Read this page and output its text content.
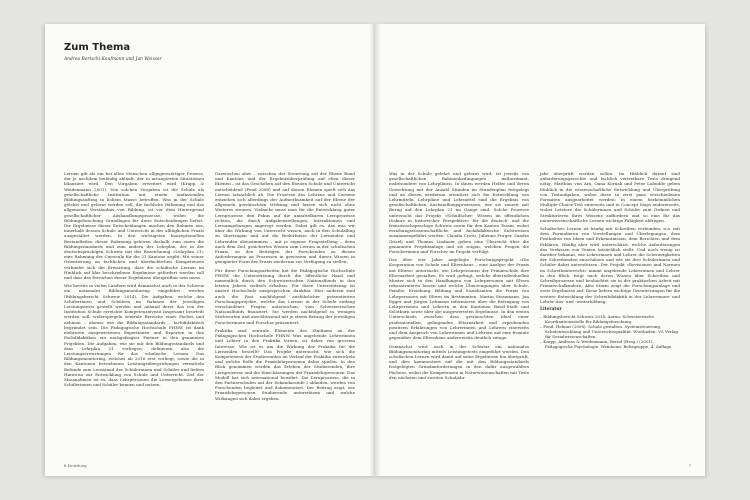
Zum Thema
Andrea Bertschi-Kaufmann und Jan Weisser

Lernen gilt als ein bei allen Menschen allgegenwärtiger Prozess, der je nachdem beiläufig abläuft, der in arrangierten Situationen bilanziert wird. Den Vorgaben erweitert wird (Krapp & Weidenmann 2001). Von solchen Vorgaben ist die Schule als gesellschaftliche Institution mit einem umfassenden Bildungsauftrag in hohem Masse betroffen. Was in der Schule gelehrt und gelernt werden soll, die fachliche Rahmung und das allgemeine Verständnis von Bildung, ist vor dem Hintergrund gesellschaftlicher Aushandlungsprozesse, wobei die Bildungsforschung Grundlagen für diese Entscheidungen liefert. Die Ergebnisse dieser Entscheidungen machen den Rahmen aus, innerhalb dessen Schule und Unterricht in der alltäglichen Praxis ausgestaltet werden. In den wichtigsten konzeptionellen Bestandteilen dieser Rahmung gehören deshalb zum einen die Bildungsstandards und zum andern der Lehrplan, der in der deutschsprachigen Schweiz mit der Bezeichnung «Lehrplan 21» eine Rahmung der Curricula für die 21 Kantone ergibt. Mit seiner Orientierung an fachlichen und überfachlichen Kompetenzen verbindet sich die Erwartung, dass die schulische Lernen im Hinblick auf klar beschriebene Ergebnisse gefördert werden soll und dass das Erreichen dieser Ergebnisse überprüfbar sein muss.

Wie bereits in vielen Ländern wird demnächst auch in der Schweiz ein nationales Bildungsmonitoring eingeführt werden (Bildungsbericht Schweiz 2014). Die Aufgaben, welche den Schülerinnen und Schülern im Rahmen der jeweiligen Leistungstests gestellt werden und anhand derer das von der Institution Schule erreichte Kompetenzniveau insgesamt beurteilt werden soll, widerspiegeln zentrale Bereiche eines Faches und nehmen – ebenso wie die Bildungsstandards – fachdidaktisch begründet sein. Die Pädagogische Hochschule FHNW ist dank mehreren ausgewiesenen Expertinnen und Experten in den Fachdidaktiken ein nachgefragter Partner in den genannten Projekten. Die Aufgaben, wie sie mit den Bildungsstandards und dem Lehrplan 21 vorliegen, definieren also die Leistungserwartungen für das schulische Lernen. Das Bildungsmonitoring, welches ab 2016 erst vorliegt, sowie die in den Kantonen betriebenen Leistungsüberprüfungen vermitteln Befunde zum Lernstand der Schülerinnen und Schüler und liefern Hinweise zur Entwicklung von Schule und Unterricht. Ziel der Massnahmen ist es, dass Lehrpersonen die Lernergebnisse ihrer Schülerinnen und Schüler kennen und nutzen.

Dazwischen aber – zwischen der Steuerung auf der Ebene Bund und Kantone und der Ergebnisüberprüfung auf eben dieser Ebenen – ist das Geschehen auf den Ebenen Schule und Unterricht entscheidend (Fend 2008) und auf diesen Ebenen spielt sich das Lernen tatsächlich ab. Die Prozesse des Lehrens und Lernens entziehen sich allerdings der Aufmerksamkeit auf der Ebene der allgemein gewünschten Wirkung und lassen sich nicht ohne Weiteres steuern. Vielmehr muss man für die Entwicklung guter Lernprozesse den Fokus auf die unmittelbaren Lernprozesse richten, die durch Aufgabenstellungen, Interaktionen und Lernumgebungen angeregt werden. Dabei gilt es, das was wir über die Wirkung von Unterricht wissen, auch in den Schulalltag zu übertragen und auf die Bedürfnisse der Lernenden und Lehrenden abzustimmen – mit je eigener Fragestellung – denn auch dem Ziel, gesichertes Wissen zum Lernen in der schulischen Praxis, zu den Beiträgen der Forschenden zu diesen Anforderungen an Prozessen in gewissem und dieser Wissen in geeigneter Form der Praxis wiederum zur Verfügung zu stellen.

Für diese Forschungsarbeiten hat die Pädagogische Hochschule FHNW die Unterstützung durch die öffentliche Hand und namentlich durch den Schweizerischen Nationalfonds in den letzten Jahren vielfach erhalten. Für diese Unterstützung ist unsere Hochschule ausgesprochen dankbar. Hier anderen sind auch die Fast nachfolgend ausführlicher präsentierten Forschungsprojekte, welche das Lernen in der Schule entlang verschiedener Fragen untersuchen, vom Schweizerischen Nationalfonds finanziert. Sie werden nachfolgend in wenigen Stichworten und anschliessend mit je einem Beitrag der jeweiligen Forscherinnen und Forscher präsentiert.

Praktika sind zentrale Elemente des Studiums an der Pädagogischen Hochschule FHNW. Was angehende Lehrerinnen und Lehrer in den Praktika lernen, ist daher von grossem Interesse. Wie ist es um die Wirkung der Praktika für die Lernenden bestellt? Das Projekt untersucht, wie sich die Kompetenzen der Studierenden im Verlauf der Praktika entwickeln und welche Rolle die Praxislehrpersonen dabei spielen. In den Blick genommen werden das Erleben der Studierenden, ihre Lernprozesse und die Einschätzungen der Praxislehrpersonen. Das Modell hat sich international bewährt. Die Lernprozesse, die in den Partnerschulen auf der Sekundarstufe I ablaufen, werden von Forschenden begleitet und dokumentiert. Der Beitrag zeigt, wie Praxislehrpersonen Studierende unterstützen und welche Wirkungen sich dabei ergeben.

6 Einleitung

Was in der Schule gelehrt und gelernt wird, ist jeweils von gesellschaftlichen Rahmenbedingungen mitbestimmt, insbesondere von Lehrplänen. In ihnen werden Helfer und deren Gewichtung mit der Anzahl Stunden im Stundenplan festgelegt und an diesen wiederum orientiert sich die Entwicklung von Lehrmitteln. Lehrpläne und Lehrmittel sind die Ergebnis von gesellschaftlichen Aushandlungsprozessen, wie sie zurzeit mit Bezug auf den Lehrplan 21 im Gange sind. Solche Prozesse untersucht das Projekt «Schulfächer: Wissen im öffentlichen Diskurs in historischer Perspektive» für die deutsch- und die französischsprachige Schweiz sowie für den Kanton Tessin, wobei erziehungswissenschaftliche und fachdidaktische Sichtweisen zusammengeführt werden. Claudia Crotti, Julienne Furger, Sandra Grizelj und Thomas Lindauer geben eine Übersicht über die genannten Projektanlage und sie zeigen, welchen Fragen die Forscherinnen und Forscher im Projekt verfolgt.

Das über vier Jahre angelegte Forschungsprojekt «Die Kooperation von Schule und Elternhaus – eine Analyse der Praxis mit Eltern» untersucht, wie Lehrpersonen der Primarschule ihre Elternarbeit gestalten. Es wird gefragt, welche überindividuellen Muster sich in den Handlungen von Lehrpersonen mit Eltern rekonstruieren lassen und welche Überzeugungen über Schule, Familie, Erziehung, Bildung und Sozialisation die Praxis von Lehrpersonen mit Eltern im Bestimmten. Martin Straumann, Jan Egger und Jürgen Lehmann informieren über die Befragung von Lehrpersonen und Lehrern in den Kantonen Basel-Stadt und Solothurn sowie über die ausgewerteten Ergebnisse. In den ersten Unterschieds zwischen dem gewünschten Ideal einer professionellen, gelingenden Elternarbeit und erprobenden positiven Erfahrungen von Lehrerinnen und Lehrern einerseits und dem Anspruch von Lehrerinnen und Lehrern auf eine frontale gegenüber dem Elternhaus andererseits deutlich zutage.

Demnächst wird auch in der Schweiz ein nationales Bildungsmonitoring mittels Leistungstests eingeführt werden. Den schulischen Lernen wird damit auf seine Ergebnisse hin überprüft, und dies kommentiert auf die mit den Bildungsstandards festgelegten Grundanforderungen in den dafür ausgewählten Fächern, wobei die Kompetenzen in Naturwissenschaften mit Tests den nächsten und zweiten Schuljahr

jahr überprüft werden sollen. Im Hinblick darauf sind anforderungsgerechte und fachlich vertretbare Tests dringend nötig. Matthias von Arx, Oana Kornak und Peter Labudde geben Einblick in die wissenschaftliche Entwicklung und Überprüfung von Testaufgaben, wobei diese in zwei ganz verschiedenen Formaten ausgearbeitet werden: in einem herkömmlichen Multiple-Choice-Test einerseits und in Concept Maps andererseits, wobei Letztere die Schülerinnen und Schüler zum Ordnen und Strukturieren ihres Wissens auffordern und so eine für das naturwissenschaftliche Lernen wichtige Fähigkeit abfragen.

Schulisches Lernen ist häufig mit Schreiben verbunden, u.a. mit dem Formulieren von Vorstellungen und Überlegungen, dem Festhalten von Ideen und Erkenntnissen, dem Berichten und dem Erklären. Häufig aber wird unterschätzt, welche Anforderungen das Verfassen von Texten tatsächlich stellt. Und noch wenig ist darüber bekannt, wie Lehrerinnen und Lehrer die Schwierigkeiten der Schreibenden einschätzen und wie sie ihre Schülerinnen und Schüler dabei unterstützen. Der Projekt «Revisionen und Normen im Schreibunterricht» nimmt angehende Lehrerinnen und Lehrer in den Blick, fragt nach deren Wissen über Schreiben und Schreibprozesse und beobachtet sie in der praktischen Arbeit mit Primarschulkindern. Afra Sturm zeigt die Forschungsanlage und erste Ergebnisse auf. Diese liefern wichtige Orientierungen für die weitere Entwicklung der Schreibdidaktik in der Lehrerinnen- und Lehrer-Aus- und -weiterbildung.

Literatur
– Bildungsbericht Schweiz 2014. Aarau: Schweizerische Koordinationsstelle für Bildungsforschung.
– Fend, Helmut (2008). Schule gestalten. Systemsteuerung, Schulentwicklung und Unterrichtsqualität. Wiesbaden: VS Verlag für Sozialwissenschaften.
– Krapp, Andreas & Weidenmann, Bernd (Hrsg.) (2001). Pädagogische Psychologie. Weinheim: Beltzgruppe, 4. Auflage.
7
